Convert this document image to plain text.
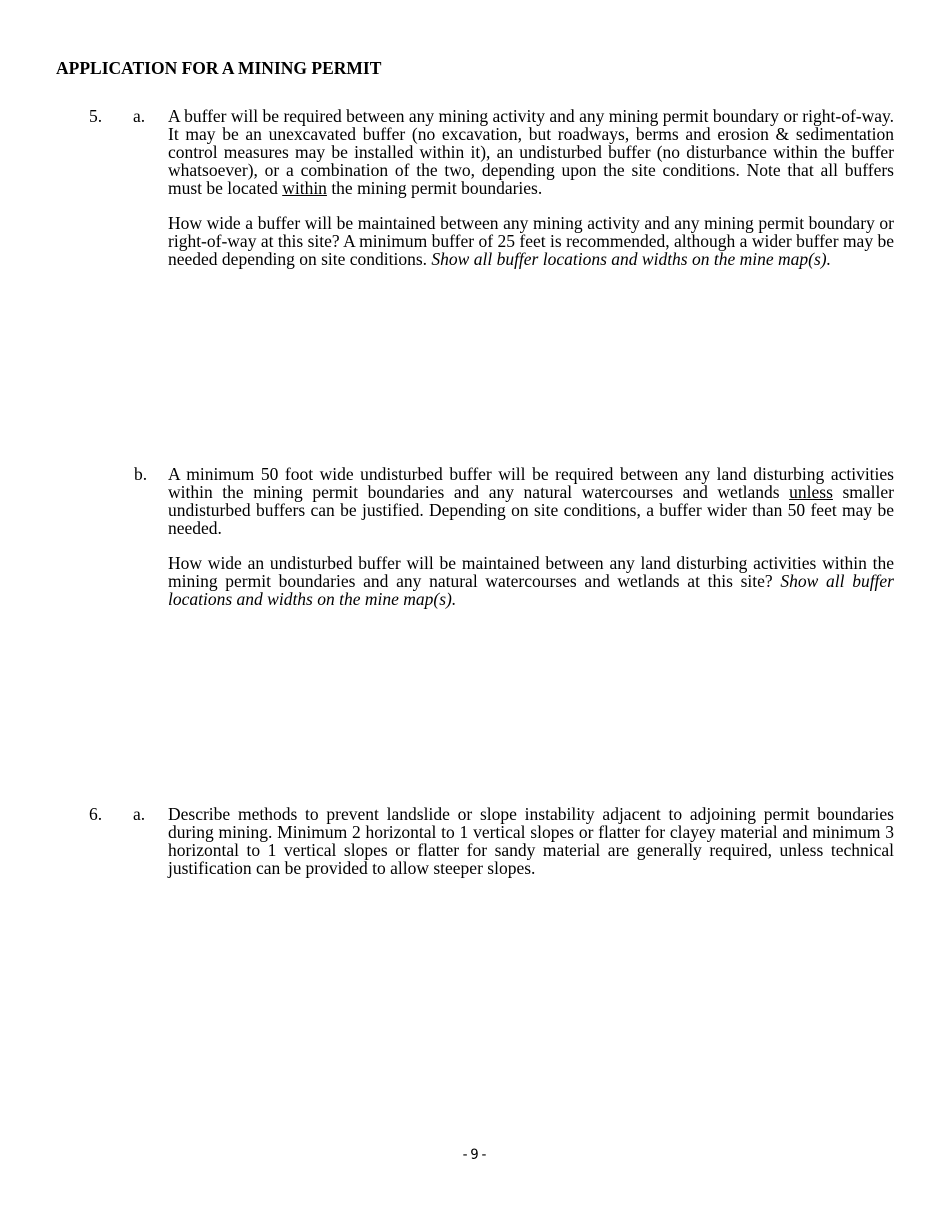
APPLICATION FOR A MINING PERMIT
5. a. A buffer will be required between any mining activity and any mining permit boundary or right-of-way. It may be an unexcavated buffer (no excavation, but roadways, berms and erosion & sedimentation control measures may be installed within it), an undisturbed buffer (no disturbance within the buffer whatsoever), or a combination of the two, depending upon the site conditions. Note that all buffers must be located within the mining permit boundaries.

How wide a buffer will be maintained between any mining activity and any mining permit boundary or right-of-way at this site? A minimum buffer of 25 feet is recommended, although a wider buffer may be needed depending on site conditions. Show all buffer locations and widths on the mine map(s).

b. A minimum 50 foot wide undisturbed buffer will be required between any land disturbing activities within the mining permit boundaries and any natural watercourses and wetlands unless smaller undisturbed buffers can be justified. Depending on site conditions, a buffer wider than 50 feet may be needed.

How wide an undisturbed buffer will be maintained between any land disturbing activities within the mining permit boundaries and any natural watercourses and wetlands at this site? Show all buffer locations and widths on the mine map(s).

6. a. Describe methods to prevent landslide or slope instability adjacent to adjoining permit boundaries during mining. Minimum 2 horizontal to 1 vertical slopes or flatter for clayey material and minimum 3 horizontal to 1 vertical slopes or flatter for sandy material are generally required, unless technical justification can be provided to allow steeper slopes.

-9-
